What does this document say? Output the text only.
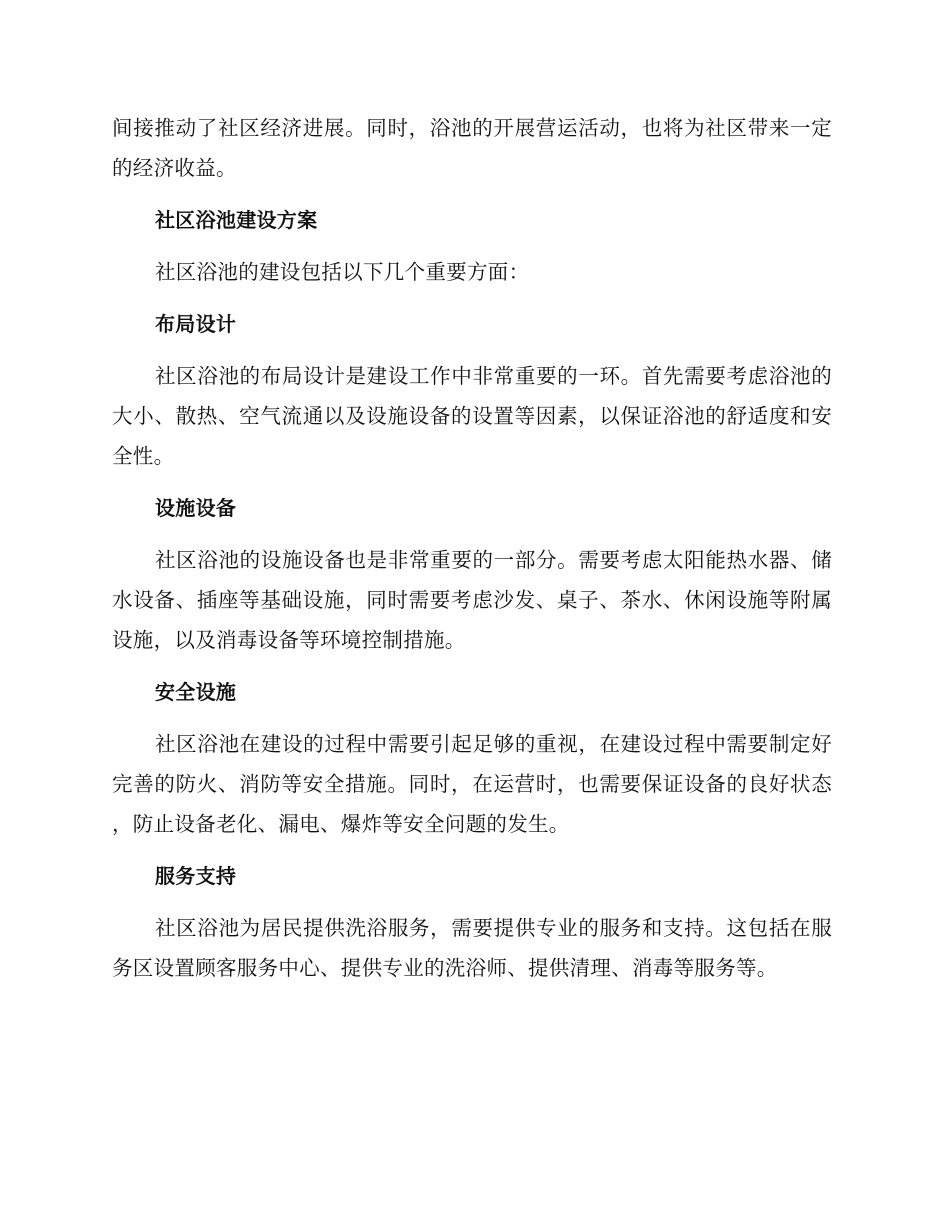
间接推动了社区经济进展。同时，浴池的开展营运活动，也将为社区带来一定的经济收益。

社区浴池建设方案

社区浴池的建设包括以下几个重要方面：

布局设计

社区浴池的布局设计是建设工作中非常重要的一环。首先需要考虑浴池的大小、散热、空气流通以及设施设备的设置等因素，以保证浴池的舒适度和安全性。

设施设备

社区浴池的设施设备也是非常重要的一部分。需要考虑太阳能热水器、储水设备、插座等基础设施，同时需要考虑沙发、桌子、茶水、休闲设施等附属设施，以及消毒设备等环境控制措施。

安全设施

社区浴池在建设的过程中需要引起足够的重视，在建设过程中需要制定好完善的防火、消防等安全措施。同时，在运营时，也需要保证设备的良好状态，防止设备老化、漏电、爆炸等安全问题的发生。

服务支持

社区浴池为居民提供洗浴服务，需要提供专业的服务和支持。这包括在服务区设置顾客服务中心、提供专业的洗浴师、提供清理、消毒等服务等。
